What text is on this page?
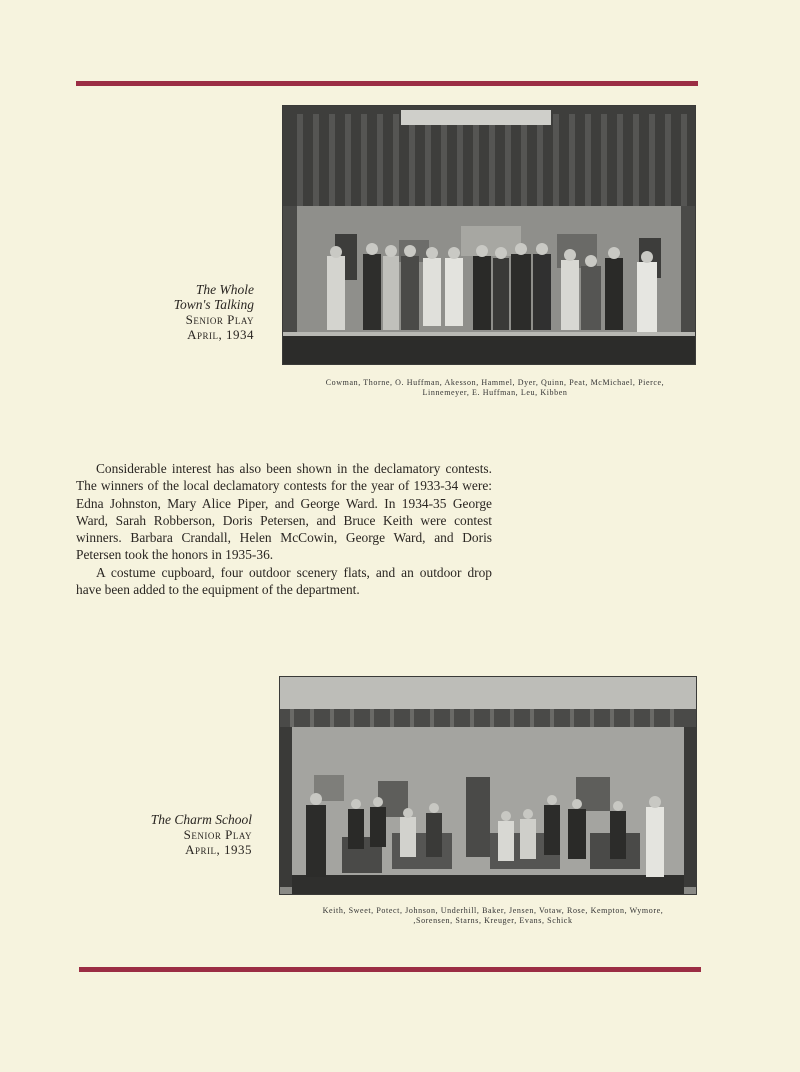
The Whole
Town's Talking
Senior Play
April, 1934
Cowman, Thorne, O. Huffman, Akesson, Hammel, Dyer, Quinn, Peat, McMichael, Pierce,
Linnemeyer, E. Huffman, Leu, Kibben

Considerable interest has also been shown in the declamatory contests. The winners of the local declamatory contests for the year of 1933-34 were: Edna Johnston, Mary Alice Piper, and George Ward. In 1934-35 George Ward, Sarah Robberson, Doris Petersen, and Bruce Keith were contest winners. Barbara Crandall, Helen McCowin, George Ward, and Doris Petersen took the honors in 1935-36.

A costume cupboard, four outdoor scenery flats, and an outdoor drop have been added to the equipment of the department.

The Charm School
Senior Play
April, 1935
Keith, Sweet, Potect, Johnson, Underhill, Baker, Jensen, Votaw, Rose, Kempton, Wymore,
,Sorensen, Starns, Kreuger, Evans, Schick
